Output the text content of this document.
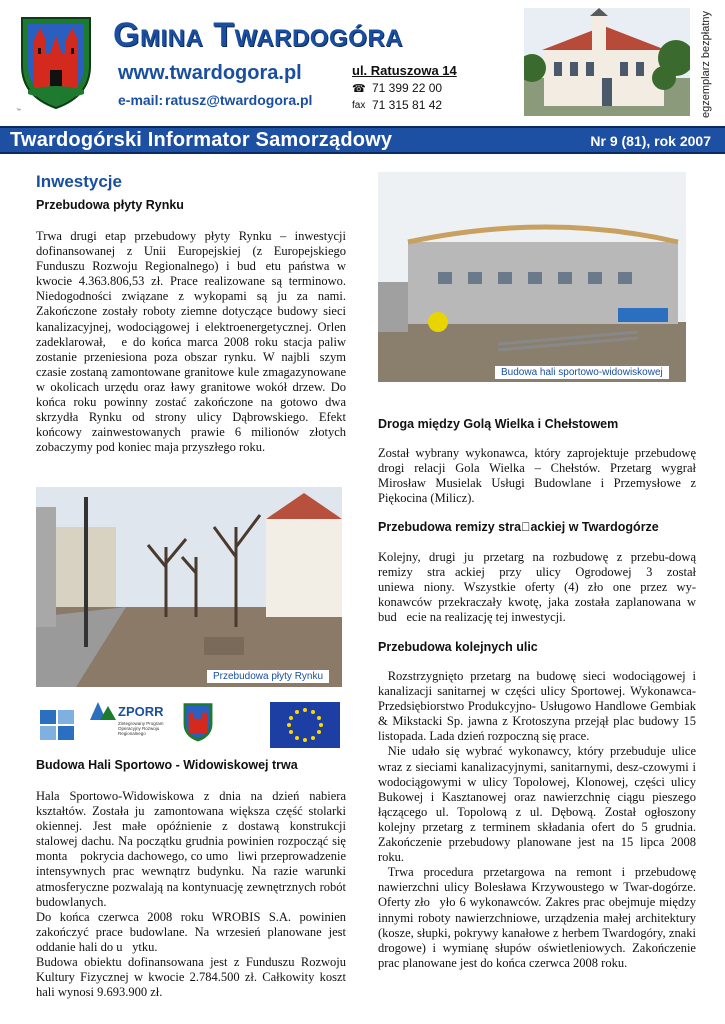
™
Gmina Twardogóra
www.twardogora.pl
e-mail: ratusz@twardogora.pl
ul. Ratuszowa 14
☎ 71 399 22 00
fax 71 315 81 42	egzemplarz bezpłatny
Twardogórski Informator Samorządowy	Nr 9 (81), rok 2007
Inwestycje
Przebudowa płyty Rynku

Trwa drugi etap przebudowy płyty Rynku – inwestycji dofinansowanej z Unii Europejskiej (z Europejskiego Funduszu Rozwoju Regionalnego) i bud etu państwa w kwocie 4.363.806,53 zł. Prace realizowane są terminowo. Niedogodności związane z wykopami są ju za nami. Zakończone zostały roboty ziemne dotyczące budowy sieci kanalizacyjnej, wodociągowej i elektroenergetycznej. Orlen zadeklarował,  e do końca marca 2008 roku stacja paliw zostanie przeniesiona poza obszar rynku. W najbli szym czasie zostaną zamontowane granitowe kule zmagazynowane w okolicach urzędu oraz ławy granitowe wokół drzew. Do końca roku powinny zostać zakończone na gotowo dwa skrzydła Rynku od strony ulicy Dąbrowskiego. Efekt końcowy zainwestowanych prawie 6 milionów złotych zobaczymy pod koniec maja przyszłego roku.

Przebudowa płyty Rynku
ZPORR
Zintegrowany Program Operacyjny Rozwoju Regionalnego
Budowa Hali Sportowo - Widowiskowej trwa

Hala Sportowo-Widowiskowa z dnia na dzień nabiera kształtów. Została ju zamontowana większa część stolarki okiennej. Jest małe opóźnienie z dostawą konstrukcji stalowej dachu. Na początku grudnia powinien rozpocząć się monta  pokrycia dachowego, co umo liwi przeprowadzenie intensywnych prac wewnątrz budynku. Na razie warunki atmosferyczne pozwalają na kontynuację zewnętrznych robót budowlanych.

Do końca czerwca 2008 roku WROBIS S.A. powinien zakończyć prace budowlane. Na wrzesień planowane jest oddanie hali do u ytku.

Budowa obiektu dofinansowana jest z Funduszu Rozwoju Kultury Fizycznej w kwocie 2.784.500 zł. Całkowity koszt hali wynosi 9.693.900 zł.

Budowa hali sportowo-widowiskowej
Droga między Golą Wielka i Chełstowem

Został wybrany wykonawca, który zaprojektuje przebudowę drogi relacji Gola Wielka – Chełstów. Przetarg wygrał Mirosław Musielak Usługi Budowlane i Przemysłowe z Piękocina (Milicz).

Przebudowa remizy stra ackiej w Twardogórze

Kolejny, drugi ju przetarg na rozbudowę z przebu-dową remizy stra ackiej przy ulicy Ogrodowej 3 został uniewa niony. Wszystkie oferty (4) zło one przez wy-konawców przekraczały kwotę, jaka została zaplanowana w bud ecie na realizację tej inwestycji.

Przebudowa kolejnych ulic

 Rozstrzygnięto przetarg na budowę sieci wodociągowej i kanalizacji sanitarnej w części ulicy Sportowej. Wykonawca- Przedsiębiorstwo Produkcyjno- Usługowo Handlowe Gembiak & Mikstacki Sp. jawna z Krotoszyna przejął plac budowy 15 listopada. Lada dzień rozpoczną się prace.

 Nie udało się wybrać wykonawcy, który przebuduje ulice wraz z sieciami kanalizacyjnymi, sanitarnymi, desz-czowymi i wodociągowymi w ulicy Topolowej, Klonowej, części ulicy Bukowej i Kasztanowej oraz nawierzchnię ciągu pieszego łączącego ul. Topolową z ul. Dębową. Został ogłoszony kolejny przetarg z terminem składania ofert do 5 grudnia. Zakończenie przebudowy planowane jest na 15 lipca 2008 roku.

 Trwa procedura przetargowa na remont i przebudowę nawierzchni ulicy Bolesława Krzywoustego w Twar-dogórze. Oferty zło yło 6 wykonawców. Zakres prac obejmuje między innymi roboty nawierzchniowe, urządzenia małej architektury (kosze, słupki, pokrywy kanałowe z herbem Twardogóry, znaki drogowe) i wymianę słupów oświetleniowych. Zakończenie prac planowane jest do końca czerwca 2008 roku.
